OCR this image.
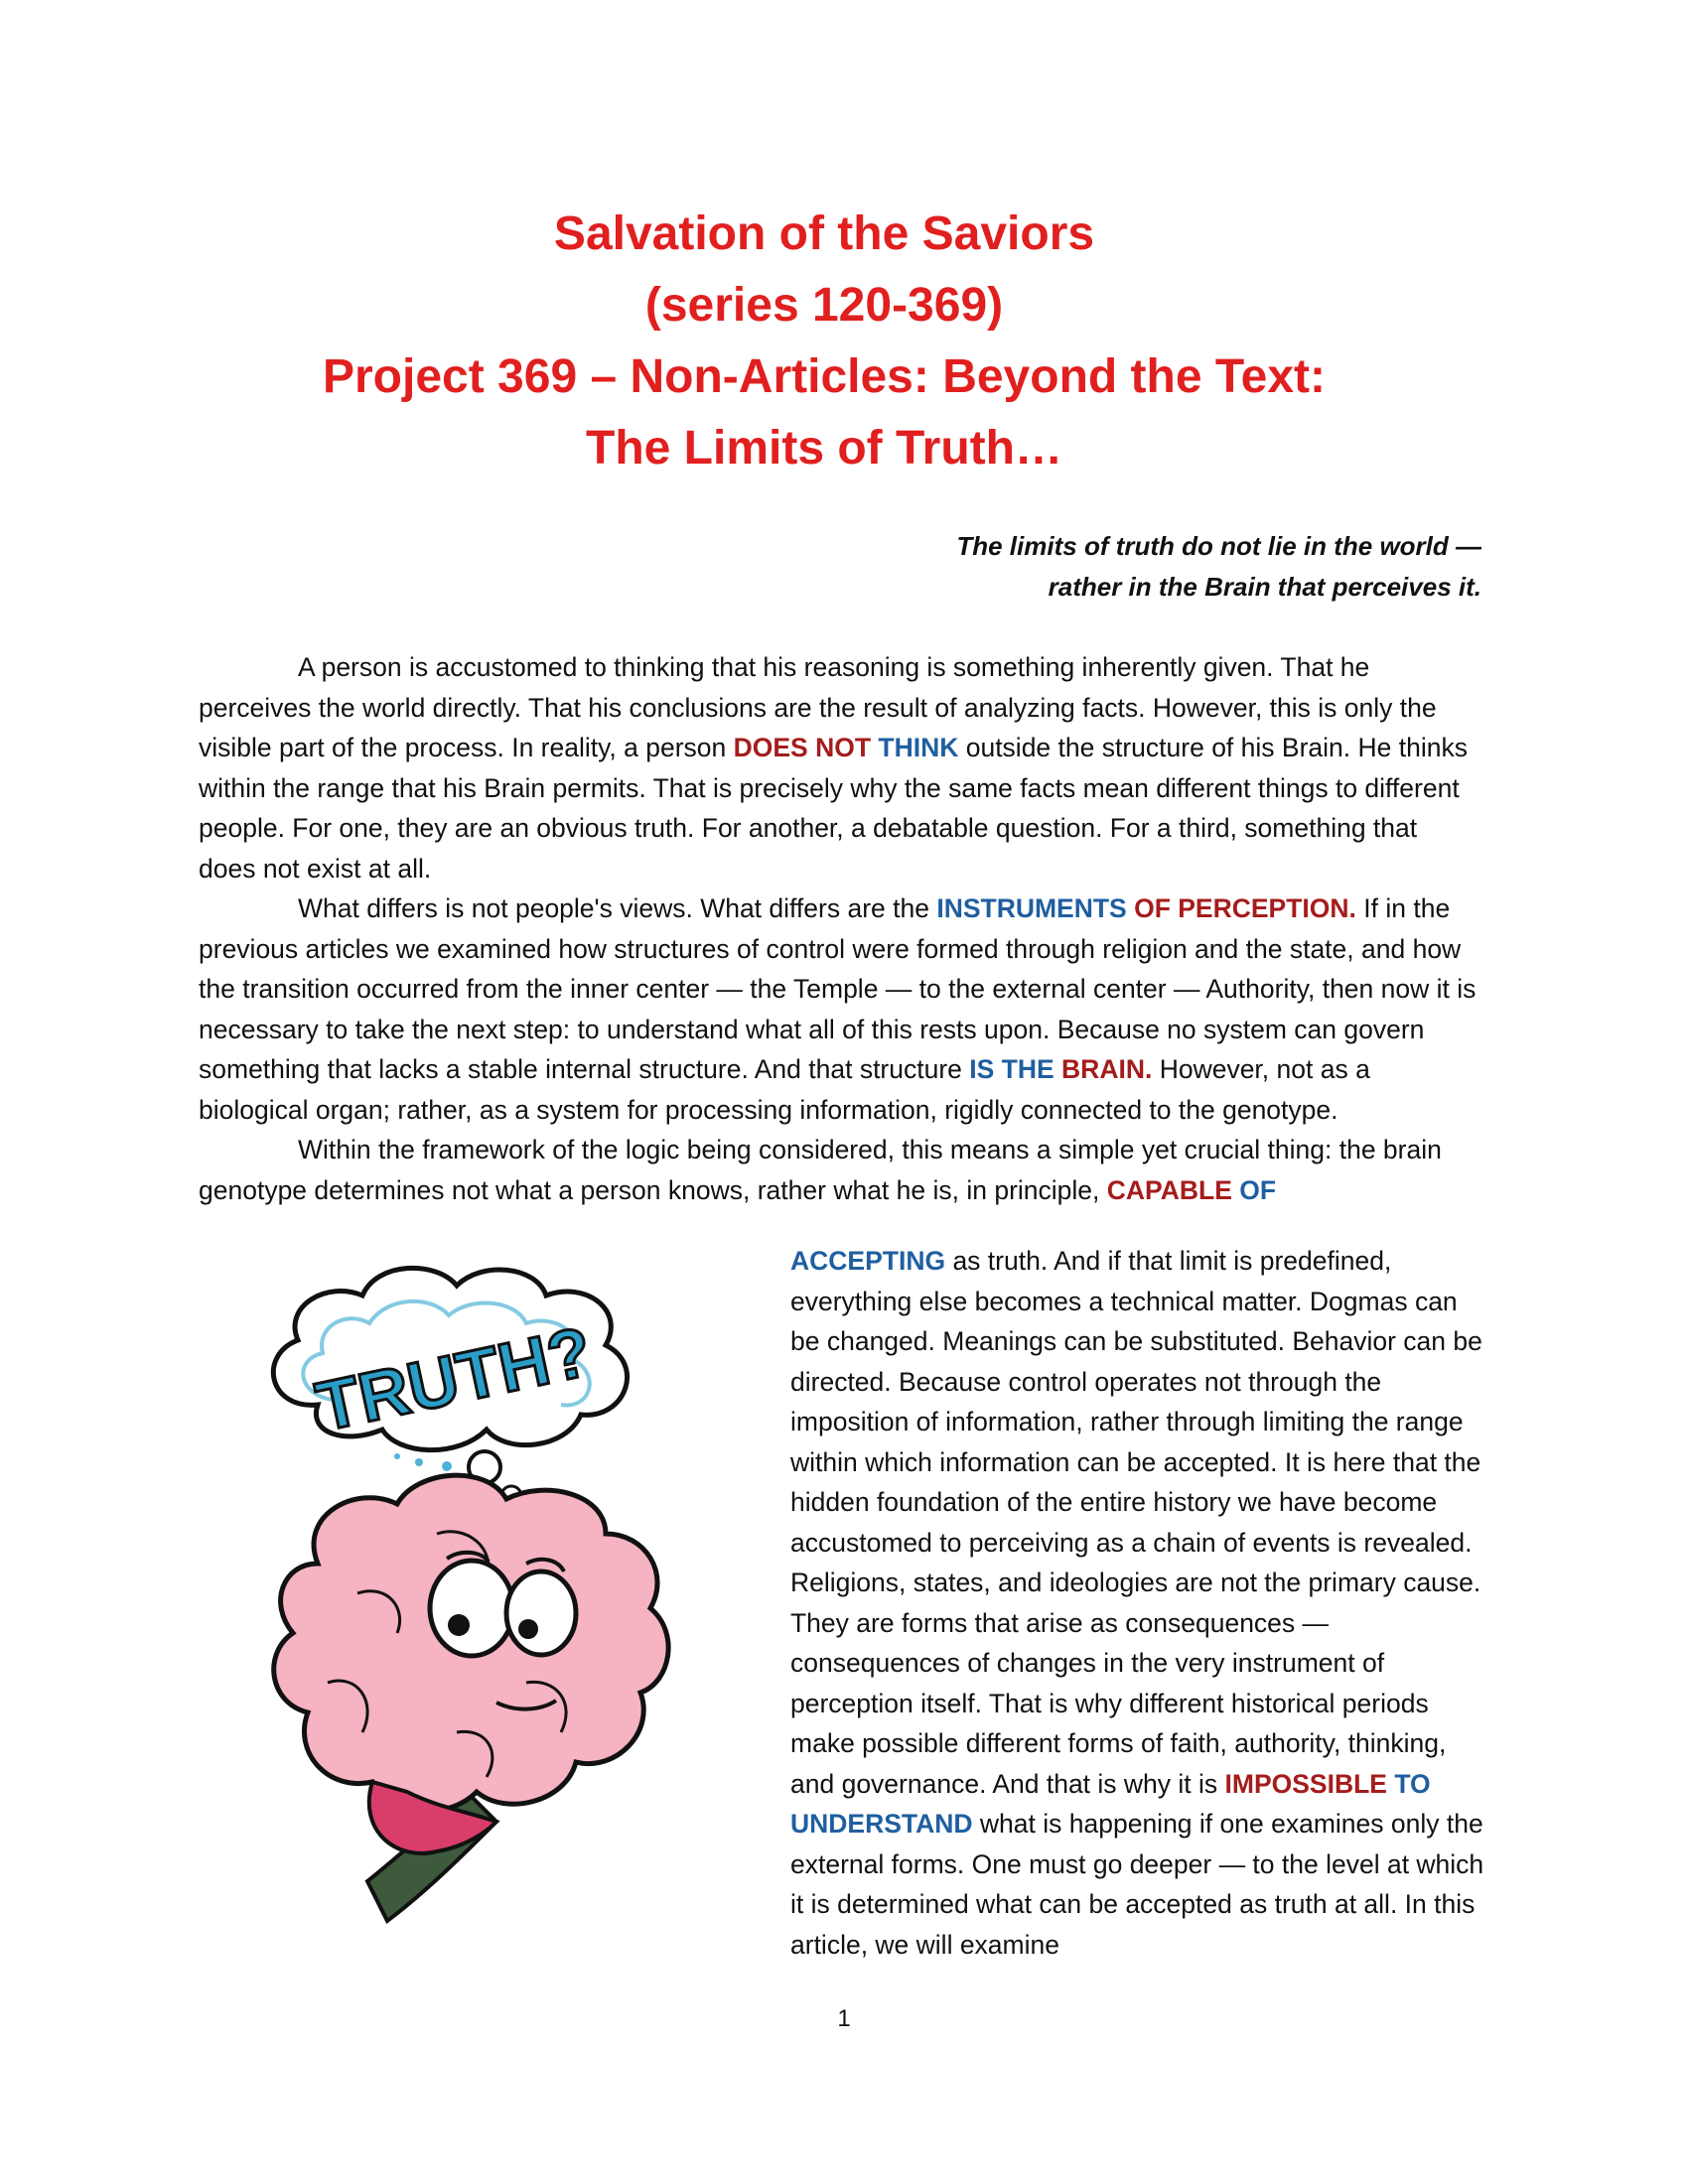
Salvation of the Saviors
(series 120-369)
Project 369 – Non-Articles: Beyond the Text:
The Limits of Truth…
The limits of truth do not lie in the world —
rather in the Brain that perceives it.

A person is accustomed to thinking that his reasoning is something inherently given. That he perceives the world directly. That his conclusions are the result of analyzing facts. However, this is only the visible part of the process. In reality, a person DOES NOT THINK outside the structure of his Brain. He thinks within the range that his Brain permits. That is precisely why the same facts mean different things to different people. For one, they are an obvious truth. For another, a debatable question. For a third, something that does not exist at all.

What differs is not people's views. What differs are the INSTRUMENTS OF PERCEPTION. If in the previous articles we examined how structures of control were formed through religion and the state, and how the transition occurred from the inner center — the Temple — to the external center — Authority, then now it is necessary to take the next step: to understand what all of this rests upon. Because no system can govern something that lacks a stable internal structure. And that structure IS THE BRAIN. However, not as a biological organ; rather, as a system for processing information, rigidly connected to the genotype.

Within the framework of the logic being considered, this means a simple yet crucial thing: the brain genotype determines not what a person knows, rather what he is, in principle, CAPABLE OF

TRUTH?
ACCEPTING as truth. And if that limit is predefined, everything else becomes a technical matter. Dogmas can be changed. Meanings can be substituted. Behavior can be directed. Because control operates not through the imposition of information, rather through limiting the range within which information can be accepted. It is here that the hidden foundation of the entire history we have become accustomed to perceiving as a chain of events is revealed. Religions, states, and ideologies are not the primary cause. They are forms that arise as consequences — consequences of changes in the very instrument of perception itself. That is why different historical periods make possible different forms of faith, authority, thinking, and governance. And that is why it is IMPOSSIBLE TO UNDERSTAND what is happening if one examines only the external forms. One must go deeper — to the level at which it is determined what can be accepted as truth at all. In this article, we will examine
1
